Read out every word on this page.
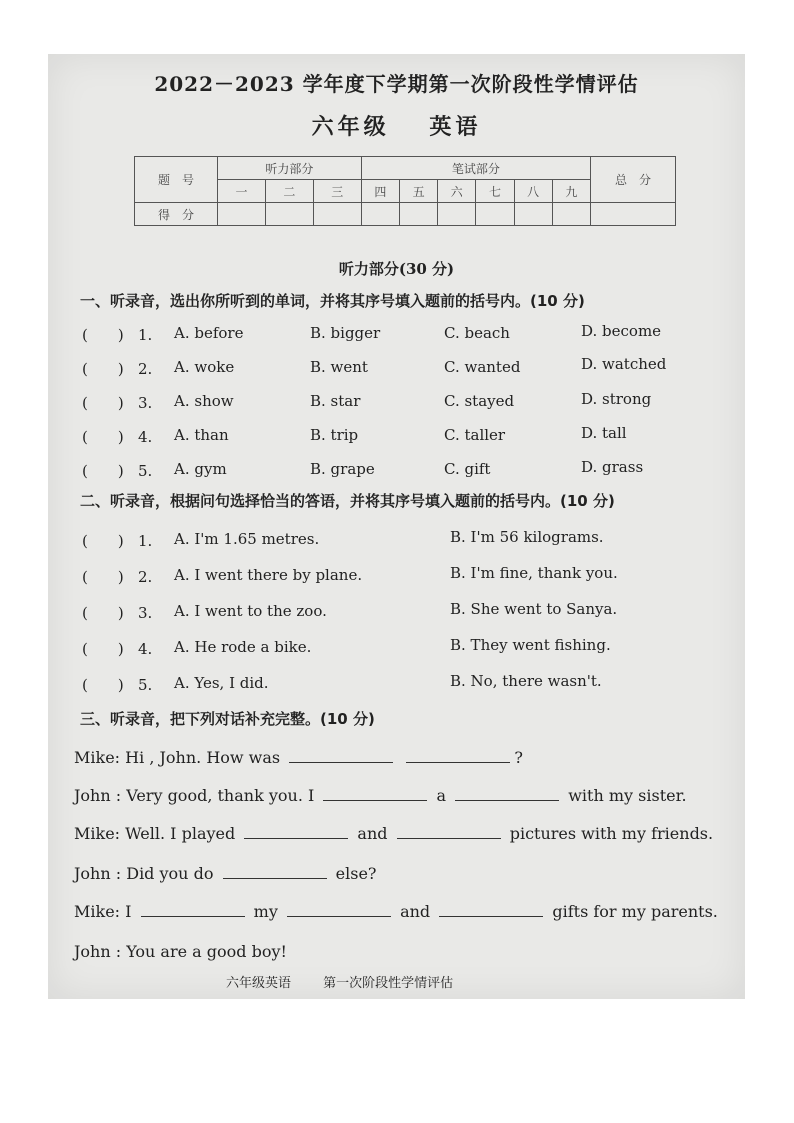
2022－2023 学年度下学期第一次阶段性学情评估
六年级 英语
题　号	听力部分			笔试部分						总　分
	一	二	三	四	五	六	七	八	九	
得　分										
听力部分(30 分)
一、听录音，选出你所听到的单词，并将其序号填入题前的括号内。(10 分)
(　　) 1.	A. before	B. bigger	C. beach	D. become
(　　) 2.	A. woke	B. went	C. wanted	D. watched
(　　) 3.	A. show	B. star	C. stayed	D. strong
(　　) 4.	A. than	B. trip	C. taller	D. tall
(　　) 5.	A. gym	B. grape	C. gift	D. grass
二、听录音，根据问句选择恰当的答语，并将其序号填入题前的括号内。(10 分)
(　　) 1.	A. I'm 1.65 metres.	B. I'm 56 kilograms.
(　　) 2.	A. I went there by plane.	B. I'm fine, thank you.
(　　) 3.	A. I went to the zoo.	B. She went to Sanya.
(　　) 4.	A. He rode a bike.	B. They went fishing.
(　　) 5.	A. Yes, I did.	B. No, there wasn't.
三、听录音，把下列对话补充完整。(10 分)
Mike: Hi , John. How was	?
John : Very good, thank you. I	a	with my sister.
Mike: Well. I played	and	pictures with my friends.
John : Did you do	else?
Mike: I	my	and	gifts for my parents.
John : You are a good boy!
六年级英语 第一次阶段性学情评估
